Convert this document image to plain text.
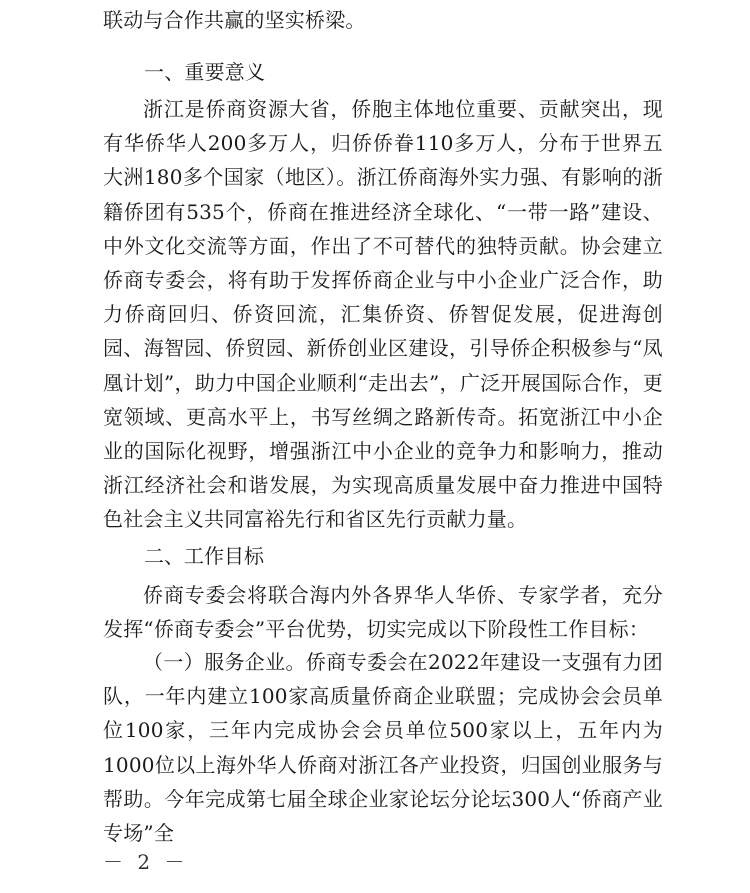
联动与合作共赢的坚实桥梁。
一、重要意义
浙江是侨商资源大省，侨胞主体地位重要、贡献突出，现有华侨华人200多万人，归侨侨眷110多万人，分布于世界五大洲180多个国家（地区）。浙江侨商海外实力强、有影响的浙籍侨团有535个，侨商在推进经济全球化、“一带一路”建设、中外文化交流等方面，作出了不可替代的独特贡献。协会建立侨商专委会，将有助于发挥侨商企业与中小企业广泛合作，助力侨商回归、侨资回流，汇集侨资、侨智促发展，促进海创园、海智园、侨贸园、新侨创业区建设，引导侨企积极参与“凤凰计划”，助力中国企业顺利“走出去”，广泛开展国际合作，更宽领域、更高水平上，书写丝绸之路新传奇。拓宽浙江中小企业的国际化视野，增强浙江中小企业的竞争力和影响力，推动浙江经济社会和谐发展，为实现高质量发展中奋力推进中国特色社会主义共同富裕先行和省区先行贡献力量。
二、工作目标
侨商专委会将联合海内外各界华人华侨、专家学者，充分发挥“侨商专委会”平台优势，切实完成以下阶段性工作目标：
（一）服务企业。侨商专委会在2022年建设一支强有力团队，一年内建立100家高质量侨商企业联盟；完成协会会员单位100家，三年内完成协会会员单位500家以上，五年内为1000位以上海外华人侨商对浙江各产业投资，归国创业服务与帮助。今年完成第七届全球企业家论坛分论坛300人“侨商产业专场”全
－ 2 －
